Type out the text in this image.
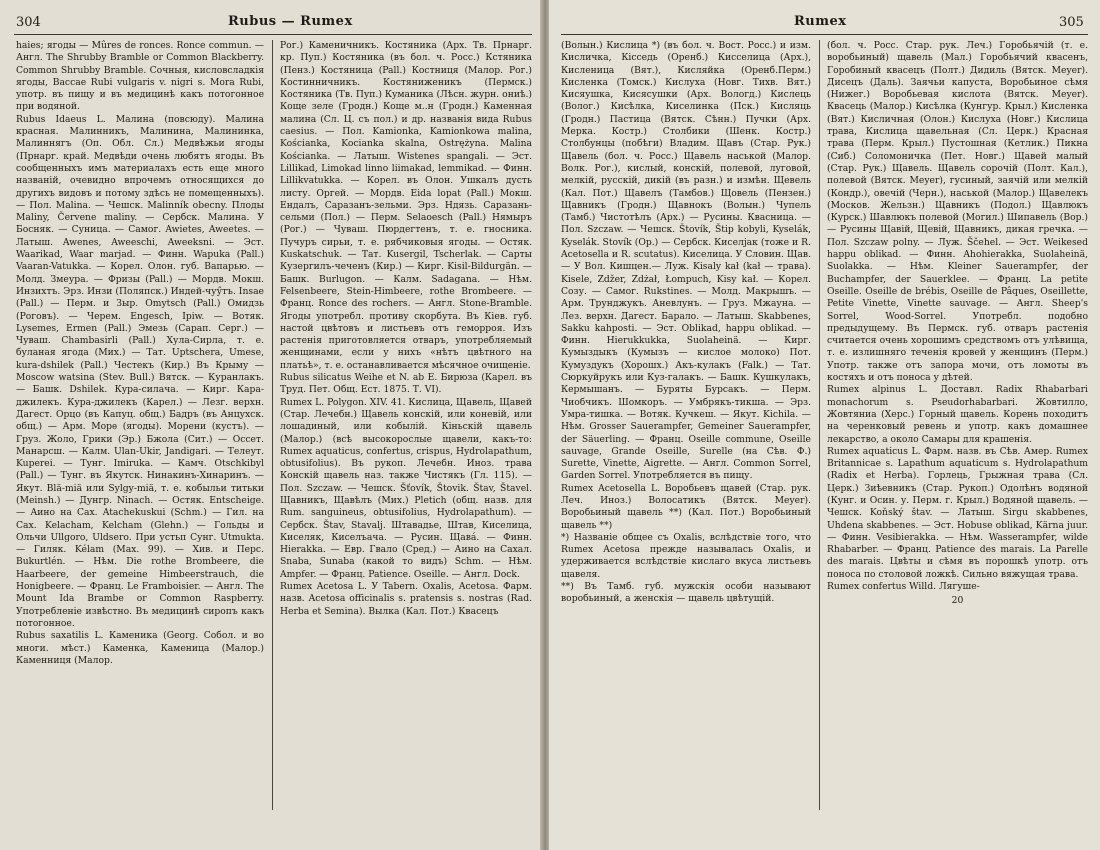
304	Rubus — Rumex

haies; ягоды — Mûres de ronces. Ronce commun. — Англ. The Shrubby Bramble or Common Blackberry. Common Shrubby Bramble. Сочныя, кисловсладкія ягоды, Baccae Rubi vulgaris v. nigri s. Mora Rubi, употр. въ пищу и въ медицинѣ какъ потогонное при водяной.

Rubus Idaeus L. Малина (повсюду). Малина красная. Малинникъ, Малинина, Малининка, Малиннягъ (Оп. Обл. Сл.) Медвѣжьи ягоды (Прнарг. край. Медвѣди очень любятъ ягоды. Въ сообщенныхъ имъ материалахъ есть еще много названій, очевидно впрочемъ относящихся до другихъ видовъ и потому здѣсь не помещенныхъ). — Пол. Malina. — Чешск. Malinník obecny. Плоды Maliny, Červene maliny. — Сербск. Малина. У Босняк. — Суница. — Самог. Awietes, Aweetes. — Латыш. Awenes, Aweeschi, Aweeksni. — Эст. Waarikad, Waar marjad. — Финн. Wapuka (Pall.) Vaaran-Vatukka. — Корел. Олон. губ. Вапарью. — Молд. Змеура. — Фризы (Pall.) — Мордв. Мокш. Инзихтъ. Эрз. Инзи (Поляпск.) Индей-чуӳтъ. Insae (Pall.) — Перм. и Зыр. Omytsch (Pall.) Омидзь (Роговъ). — Черем. Engesch, Ipiw. — Вотяк. Lysemes, Ermen (Pall.) Эмезь (Сарап. Серг.) — Чуваш. Chambasirli (Pall.) Хула-Сирла, т. е. буланая ягода (Мих.) — Тат. Uptschera, Umese, kura-dshilek (Pall.) Честекъ (Кир.) Въ Крыму — Moscow watsina (Stev. Bull.) Вятск. — Куранлакъ. — Башк. Dshilek. Кура-силача. — Кирг. Кара-джилекъ. Кура-джилекъ (Карел.) — Лезг. верхн. Дагест. Орцо (въ Капуц. общ.) Бадръ (въ Анцухск. общ.) — Арм. Морѳ (ягоды). Морени (кустъ). — Груз. Жоло, Грики (Эр.) Бжола (Сит.) — Оссет. Манарсш. — Калм. Ulan-Ukir, Jandigari. — Телеут. Kuperei. — Тунг. Imiruka. — Камч. Otschkibyl (Pall.) — Тунг. въ Якутск. Нинакинъ-Хинаринъ. — Якут. Blä-miä или Sylgy-miä, т. е. кобыльи титьки (Meinsh.) — Дунгр. Ninach. — Остяк. Entscheige. — Аино на Сах. Atachekuskui (Schm.) — Гил. на Сах. Kelacham, Kelcham (Glehn.) — Гольды и Ольчи Ullgoro, Uldsero. При устьп Сунг. Utmukta. — Гиляк. Kélam (Max. 99). — Хив. и Перс. Bukurtlén. — Нѣм. Die rothe Brombeere, die Haarbeere, der gemeine Himbeerstrauch, die Honigbeere. — Франц. Le Framboisier. — Англ. The Mount Ida Brambe or Common Raspberry. Употребленіе извѣстно. Въ медицинѣ сиропъ какъ потогонное.

Rubus saxatilis L. Каменика (Georg. Собол. и во многи. мѣст.) Каменка, Каменица (Малор.) Каменниця (Малор.

Рог.) Каменичникъ. Костяника (Арх. Тв. Прнарг. кр. Пуп.) Костяника (въ бол. ч. Росс.) Кстяника (Пенз.) Костяница (Pall.) Костниця (Малор. Рог.) Костинничникъ. Костяниженикъ (Пермск.) Костяника (Тв. Пуп.) Куманика (Лѣсн. журн. ониѣ.) Коще зеле (Гродн.) Коще м..н (Гродн.) Каменная малина (Сл. Ц. съ пол.) и др. названія вида Rubus caesius. — Пол. Kamionka, Kamionkowa malina, Kościanka, Kocianka skalna, Ostrężyna. Malina Kościanka. — Латыш. Wistenes spangali. — Эст. Lillikad, Limokad linno liimakad, lemmikad. — Финн. Lillikvatukka. — Корел. въ Олон. Ушкалъ дусть листу. Оргей. — Мордв. Eida lopat (Pall.) Мокш. Ендалъ, Саразанъ-зельми. Эрз. Ндязь. Саразань-сельми (Пол.) — Перм. Selaoesch (Pall.) Нямыръ (Рог.) — Чуваш. Пюрдегтенъ, т. е. гносника. Пучуръ сирьи, т. е. рябчиковыя ягоды. — Остяк. Kuskatschuk. — Тат. Kusergil, Tscherlak. — Сарты Кузергилъ-чеченъ (Кир.) — Кирг. Kisil-Bildurgän. — Башк. Burlugon. — Калм. Sadagana. — Нѣм. Felsenbeere, Stein-Himbeere, rothe Brombeere. — Франц. Ronce des rochers. — Англ. Stone-Bramble. Ягоды употребл. противу скорбута. Въ Кіев. губ. настой цвѣтовъ и листьевъ отъ геморроя. Изъ растенія приготовляется отваръ, употребляемый женщинами, если у нихъ «нѣтъ цвѣтного на платьѣ», т. е. останавливается мѣсячное очищеніе.

Rubus silicatus Weihe et N. ab E. Бирюза (Карел. въ Труд. Пет. Общ. Ест. 1875. Т. VI).

Rumex L. Polygon. XIV. 41. Кислица, Щавель, Щавей (Стар. Лечебн.) Щавель конскій, или коневій, или лошадиный, или кобылій. Кiньскій щавель (Малор.) (всѣ высокорослые щавели, какъ-то: Rumex aquaticus, confertus, crispus, Hydrolapathum, obtusifolius). Въ рукоп. Лечебн. Иноз. трава Конскій щавель наз. также Чистякъ (Гл. 115). — Пол. Szczaw. — Чешск. Šťovík, Štovik. Štav, Štavel. Щавникъ, Щавѣлъ (Мих.) Pletich (общ. назв. для Rum. sanguineus, obtusifolius, Hydrolapathum). — Сербск. Štav, Stavalj. Штавадье, Штав, Киселица, Киселяк, Киселъача. — Русин. Щавá. — Финн. Hierakka. — Евр. Гвало (Сред.) — Аино на Сахал. Snaba, Sunaba (какой то видъ) Schm. — Нѣм. Ampfer. — Франц. Patience. Oseille. — Англ. Dock.

Rumex Acetosa L. У Tabern. Oxalis, Acetosa. Фарм. назв. Acetosa officinalis s. pratensis s. nostras (Rad. Herba et Semina). Вылка (Кал. Пот.) Квасецъ

Rumex	305

(Волын.) Кислица *) (въ бол. ч. Вост. Росс.) и изм. Кисличка, Кісседь (Оренб.) Кисселица (Арх.), Кисленица (Вят.), Кисляйка (Оренб.Перм.) Кисленка (Томск.) Кислуха (Новг. Тихв. Вят.) Кисяушка, Кисясушки (Арх. Вологд.) Кислець (Волог.) Кисѣлка, Киселинка (Пск.) Кисляць (Гродн.) Пастица (Вятск. Сѣнн.) Пучки (Арх. Мерка. Костр.) Столбики (Шенк. Костр.) Столбунцы (побѣги) Владим. Щавъ (Стар. Рук.) Щавель (бол. ч. Росс.) Щавель наськой (Малор. Волк. Рог.), кислый, конскій, полевой, луговой, мелкій, русскій, дикій (въ разн.) и измѣн. Щевель (Кал. Пот.) Щавелъ (Тамбов.) Щовель (Пензен.) Щавникъ (Гродн.) Щавнокъ (Волын.) Чупель (Тамб.) Чистотѣлъ (Арх.) — Русины. Квасница. — Пол. Szczaw. — Чешск. Štovík, Štip kobyli, Kyselák, Kyselák. Stovík (Op.) — Сербск. Киселјак (тоже и R. Acetosella и R. scutatus). Киселица. У Словин. Щав. — У Вол. Кишцен.— Луж. Kisaly kał (kał — трава). Kisele, Zdžer, Zdżał, Łompuch, Kisy kał. — Корел. Созу. — Самог. Rukstines. — Молд. Макрышъ. — Арм. Трунджукъ. Аневлунъ. — Груз. Мжауна. — Лез. верхн. Дагест. Барало. — Латыш. Skabbenes, Sakku kahposti. — Эст. Oblikad, happu oblikad. — Финн. Hierukkukka, Suolaheinä. — Кирг. Кумыздыкъ (Кумызъ — кислое молоко) Пот. Кумуздукъ (Хорошх.) Акъ-кулакъ (Falk.) — Тат. Сюркуйрукъ или Куз-галакъ. — Башк. Кушкулакъ, Кермышанъ. — Буряты Бурсакъ. — Перм. Чиобчикъ. Шомкоръ. — Умбрякъ-тикша. — Эрз. Умра-тишка. — Вотяк. Кучкеш. — Якут. Kichila. — Нѣм. Grosser Sauerampfer, Gemeiner Sauerampfer, der Säuerling. — Франц. Oseille commune, Oseille sauvage, Grande Oseille, Surelle (на Сѣв. Ф.) Surette, Vinette, Aigrette. — Англ. Common Sorrel, Garden Sorrel. Употребляется въ пищу.

Rumex Acetosella L. Воробьевъ щавей (Стар. рук. Леч. Иноз.) Волосатикъ (Вятск. Meyer). Воробьиный щавель **) (Кал. Пот.) Воробьиный щавель **)

*) Названіе общее съ Oxalis, вслѣдствіе того, что Rumex Acetosa прежде называлась Oxalis, и удерживается вслѣдствіе кислаго вкуса листьевъ щавеля.

**) Въ Тамб. губ. мужскія особи называют воробьиный, а женскія — щавель цвѣтущій.

(бол. ч. Росс. Стар. рук. Леч.) Горобьячій (т. е. воробьиный) щавель (Мал.) Горобьячий квасенъ, Горобиный квасецъ (Полт.) Дидиль (Вятск. Meyer). Дисецъ (Даль). Заячьи капуста, Воробьиное сѣмя (Нижег.) Воробьевая кислота (Вятск. Meyer). Квасець (Малор.) Кисѣлка (Кунгур. Крыл.) Кисленка (Вят.) Кисличная (Олон.) Кислуха (Новг.) Кислица трава, Кислица щавельная (Сл. Церк.) Красная трава (Перм. Крыл.) Пустошная (Кетлик.) Пикна (Сиб.) Соломоничка (Пет. Новг.) Щавей малый (Стар. Рук.) Щавель. Щавель сорочій (Полт. Кал.), полевой (Вятск. Meyer), гусиный, заячій или мелкій (Кондр.), овечій (Черн.), наськой (Малор.) Щавелекъ (Москов. Жельзн.) Щавникъ (Подол.) Щавлюкъ (Курск.) Шавлюкъ полевой (Могил.) Шипавель (Вор.) — Русины Щавій, Щевій, Щавникъ, дикая гречка. — Пол. Szczaw polny. — Луж. Ščehel. — Эст. Weikesed happu oblikad. — Финн. Ahohierakka, Suolaheinä, Suolakka. — Нѣм. Kleiner Sauerampfer, der Buchampfer, der Sauerklee. — Франц. La petite Oseille. Oseille de brébis, Oseille de Pâques, Oseillette, Petite Vinette, Vinette sauvage. — Англ. Sheep's Sorrel, Wood-Sorrel. Употребл. подобно предыдущему. Въ Пермск. губ. отваръ растенія считается очень хорошимъ средствомъ отъ улѣвища, т. е. излишняго теченія кровей у женщинъ (Перм.) Употр. также отъ запора мочи, отъ ломоты въ костяхъ и отъ поноса у дѣтей.

Rumex alpinus L. Доставл. Radix Rhabarbari monachorum s. Pseudorhabarbari. Жовтилло, Жовтяниа (Херс.) Горный щавель. Корень походитъ на черенковый ревень и употр. какъ домашнее лекарство, а около Самары для крашенія.

Rumex aquaticus L. Фарм. назв. въ Сѣв. Амер. Rumex Britannicae s. Lapathum aquaticum s. Hydrolapathum (Radix et Herba). Горлець, Грыжная трава (Сл. Церк.) Зиѣевникъ (Стар. Рукоп.) Одолѣнъ водяной (Кунг. и Осин. у. Перм. г. Крыл.) Водяной щавель. — Чешск. Koňský štav. — Латыш. Sirgu skabbenes, Uhdena skabbenes. — Эст. Hobuse oblikad, Kärna juur. — Финн. Vesibierakka. — Нѣм. Wasserampfer, wilde Rhabarber. — Франц. Patience des marais. La Parelle des marais. Цвѣты и сѣмя въ порошкѣ употр. отъ поноса по столовой ложкѣ. Сильно вяжущая трава.

Rumex confertus Willd. Лягуше-

20
